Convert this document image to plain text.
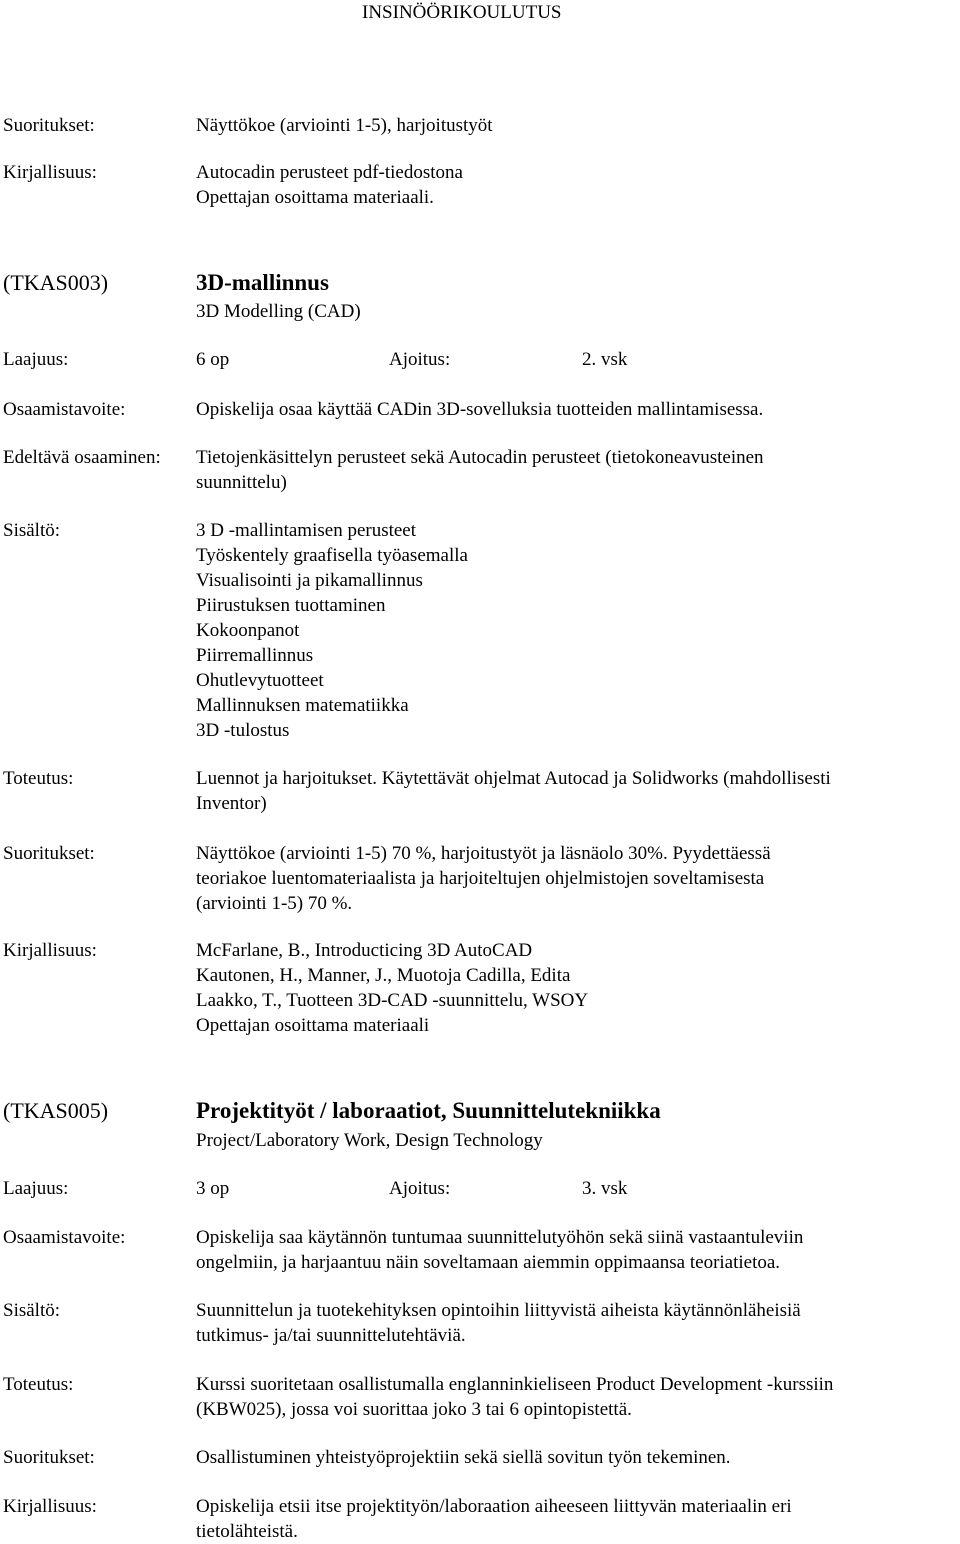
INSINÖÖRIKOULUTUS
Suoritukset:	Näyttökoe (arviointi 1-5), harjoitustyöt
Kirjallisuus:	Autocadin perusteet pdf-tiedostona
Opettajan osoittama materiaali.
(TKAS003)	3D-mallinnus
3D Modelling (CAD)
Laajuus:	6 op	Ajoitus:	2. vsk
Osaamistavoite:	Opiskelija osaa käyttää CADin 3D-sovelluksia tuotteiden mallintamisessa.
Edeltävä osaaminen: Tietojenkäsittelyn perusteet sekä Autocadin perusteet (tietokoneavusteinen
suunnittelu)
Sisältö:	3 D -mallintamisen perusteet
Työskentely graafisella työasemalla
Visualisointi ja pikamallinnus
Piirustuksen tuottaminen
Kokoonpanot
Piirremallinnus
Ohutlevytuotteet
Mallinnuksen matematiikka
3D -tulostus
Toteutus:	Luennot ja harjoitukset. Käytettävät ohjelmat Autocad ja Solidworks (mahdollisesti
Inventor)
Suoritukset:	Näyttökoe (arviointi 1-5) 70 %, harjoitustyöt ja läsnäolo 30%. Pyydettäessä
teoriakoe luentomateriaalista ja harjoiteltujen ohjelmistojen soveltamisesta
(arviointi 1-5) 70 %.
Kirjallisuus:	McFarlane, B., Introducticing 3D AutoCAD
Kautonen, H., Manner, J., Muotoja Cadilla, Edita
Laakko, T., Tuotteen 3D-CAD -suunnittelu, WSOY
Opettajan osoittama materiaali
(TKAS005)	Projektityöt / laboraatiot, Suunnittelutekniikka
Project/Laboratory Work, Design Technology
Laajuus:	3 op	Ajoitus:	3. vsk
Osaamistavoite:	Opiskelija saa käytännön tuntumaa suunnittelutyöhön sekä siinä vastaantuleviin
ongelmiin, ja harjaantuu näin soveltamaan aiemmin oppimaansa teoriatietoa.
Sisältö:	Suunnittelun ja tuotekehityksen opintoihin liittyvistä aiheista käytännönläheisiä
tutkimus- ja/tai suunnittelutehtäviä.
Toteutus:	Kurssi suoritetaan osallistumalla englanninkieliseen Product Development -kurssiin
(KBW025), jossa voi suorittaa joko 3 tai 6 opintopistettä.
Suoritukset:	Osallistuminen yhteistyöprojektiin sekä siellä sovitun työn tekeminen.
Kirjallisuus:	Opiskelija etsii itse projektityön/laboraation aiheeseen liittyvän materiaalin eri
tietolähteistä.
